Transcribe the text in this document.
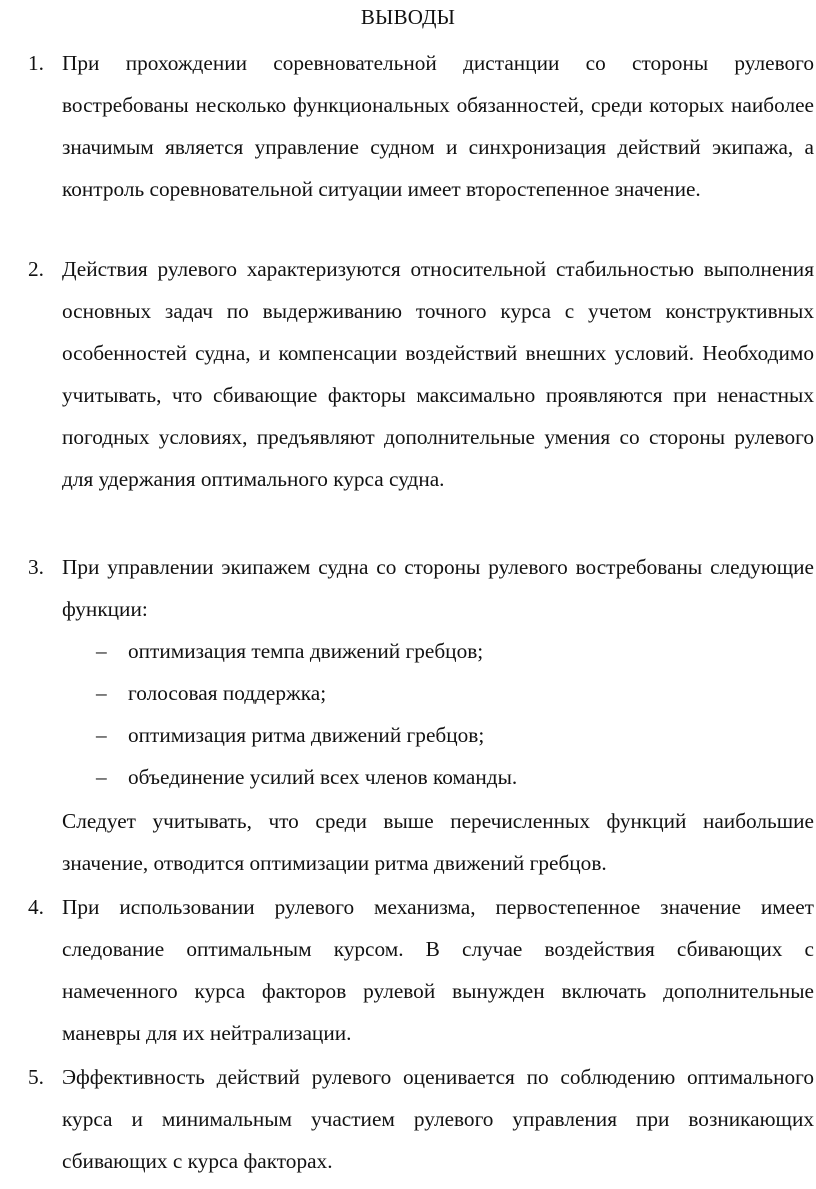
ВЫВОДЫ
1. При прохождении соревновательной дистанции со стороны рулевого востребованы несколько функциональных обязанностей, среди которых наиболее значимым является управление судном и синхронизация действий экипажа, а контроль соревновательной ситуации имеет второстепенное значение.
2. Действия рулевого характеризуются относительной стабильностью выполнения основных задач по выдерживанию точного курса с учетом конструктивных особенностей судна, и компенсации воздействий внешних условий. Необходимо учитывать, что сбивающие факторы максимально проявляются при ненастных погодных условиях, предъявляют дополнительные умения со стороны рулевого для удержания оптимального курса судна.
3. При управлении экипажем судна со стороны рулевого востребованы следующие функции:
– оптимизация темпа движений гребцов;
– голосовая поддержка;
– оптимизация ритма движений гребцов;
– объединение усилий всех членов команды.
Следует учитывать, что среди выше перечисленных функций наибольшие значение, отводится оптимизации ритма движений гребцов.
4. При использовании рулевого механизма, первостепенное значение имеет следование оптимальным курсом. В случае воздействия сбивающих с намеченного курса факторов рулевой вынужден включать дополнительные маневры для их нейтрализации.
5. Эффективность действий рулевого оценивается по соблюдению оптимального курса и минимальным участием рулевого управления при возникающих сбивающих с курса факторах.
